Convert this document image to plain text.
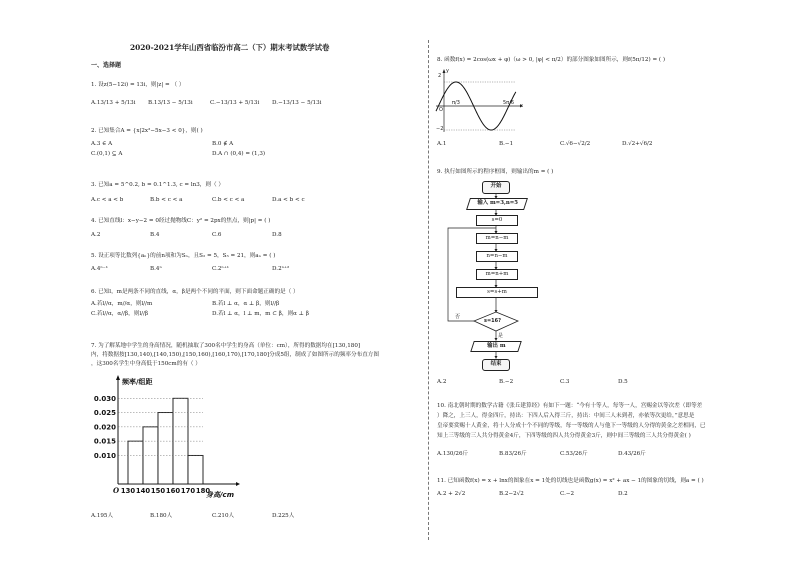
2020-2021学年山西省临汾市高二（下）期末考试数学试卷
一、选择题
1. 设z(5−12i) = 13i，则|z| = （ ）
A.13/13 + 5/13i B.13/13 − 5/13i	C.−13/13 + 5/13i D.−13/13 − 5/13i
2. 已知集合A = {x|2x²−5x−3 < 0}，则( )
A.3 ∈ A	B.0 ∉ A
C.(0,1) ⊆ A	D.A ∩ (0,4) = (1,3)
3. 已知a = 5^0.2, b = 0.1^1.3, c = ln3，则（ ）
A.c < a < b	B.b < c < a	C.b < c < a	D.a < b < c
4. 已知直线l：x−y−2 = 0经过抛物线C：y² = 2px的焦点，则|p| = ( )
A.2	B.4	C.6	D.8
5. 设正项等比数列{aₙ}的前n项和为Sₙ，且S₂ = 5，S₃ = 21，则aₙ = ( )
A.4ⁿ⁻¹	B.4ⁿ	C.2ⁿ⁺¹	D.2ⁿ⁺²
6. 已知l，m是两条不同的直线，α，β是两个不同的平面，则下面命题正确的是（ ）
A.若l//α，m//α，则l//m	B.若l ⊥ α，α ⊥ β，则l//β
C.若l//α，α//β，则l//β	D.若l ⊥ α，l ⊥ m，m ⊂ β，则α ⊥ β
7. 为了解某地中学生的身高情况，随机抽取了300名中学生的身高（单位：cm），所得的数据均在[130,180]
内，将数据按[130,140),[140,150),[150,160),[160,170),[170,180]分成5组，制成了如图所示的频率分布直方图
，这300名学生中身高低于150cm的有（ ）
0.030
0.025
0.020
0.015
0.010
130 140 150 160 170 180
O
频率/组距
身高/cm
A.195人	B.180人	C.210人	D.225人
8. 函数f(x) = 2cos(ωx + φ)（ω > 0, |φ| < π/2）的部分图象如图所示，则f(5π/12) = ( )
2
−2
y
x
O
π/3	5π/6
A.1	B.−1	C.√6−√2/2	D.√2+√6/2
9. 执行如图所示的程序框图，则输出的m = ( )
开始
输入 m=3,n=5
s=0
m=n−m
n=n−m
m=n+m
s=s+m
s=16?
否
是
输出 m
结束
A.2	B.−2	C.3	D.5
10. 南北朝时期的数学古籍《张丘建算经》有如下一题：“今有十等人，每等一人，宫赐金以等次差（即等差
）降之，上三人，得金四斤，持出：下四人后入得三斤，持出：中间三人未到者，亦依等次更给，”意思是
皇帝要赏赐十人黄金，将十人分成十个不同的等级，每一等级的人与他下一等级的人分得的黄金之差相同，已
知上三等级的三人共分得黄金4斤，下四等级的四人共分得黄金3斤，则中间三等级的三人共分得黄金( )
A.130/26斤	B.83/26斤	C.53/26斤	D.43/26斤
11. 已知函数f(x) = x + lnx的图象在x = 1处的切线也是函数g(x) = x² + ax − 1的图象的切线，则a = ( )
A.2 + 2√2	B.2−2√2	C.−2	D.2
